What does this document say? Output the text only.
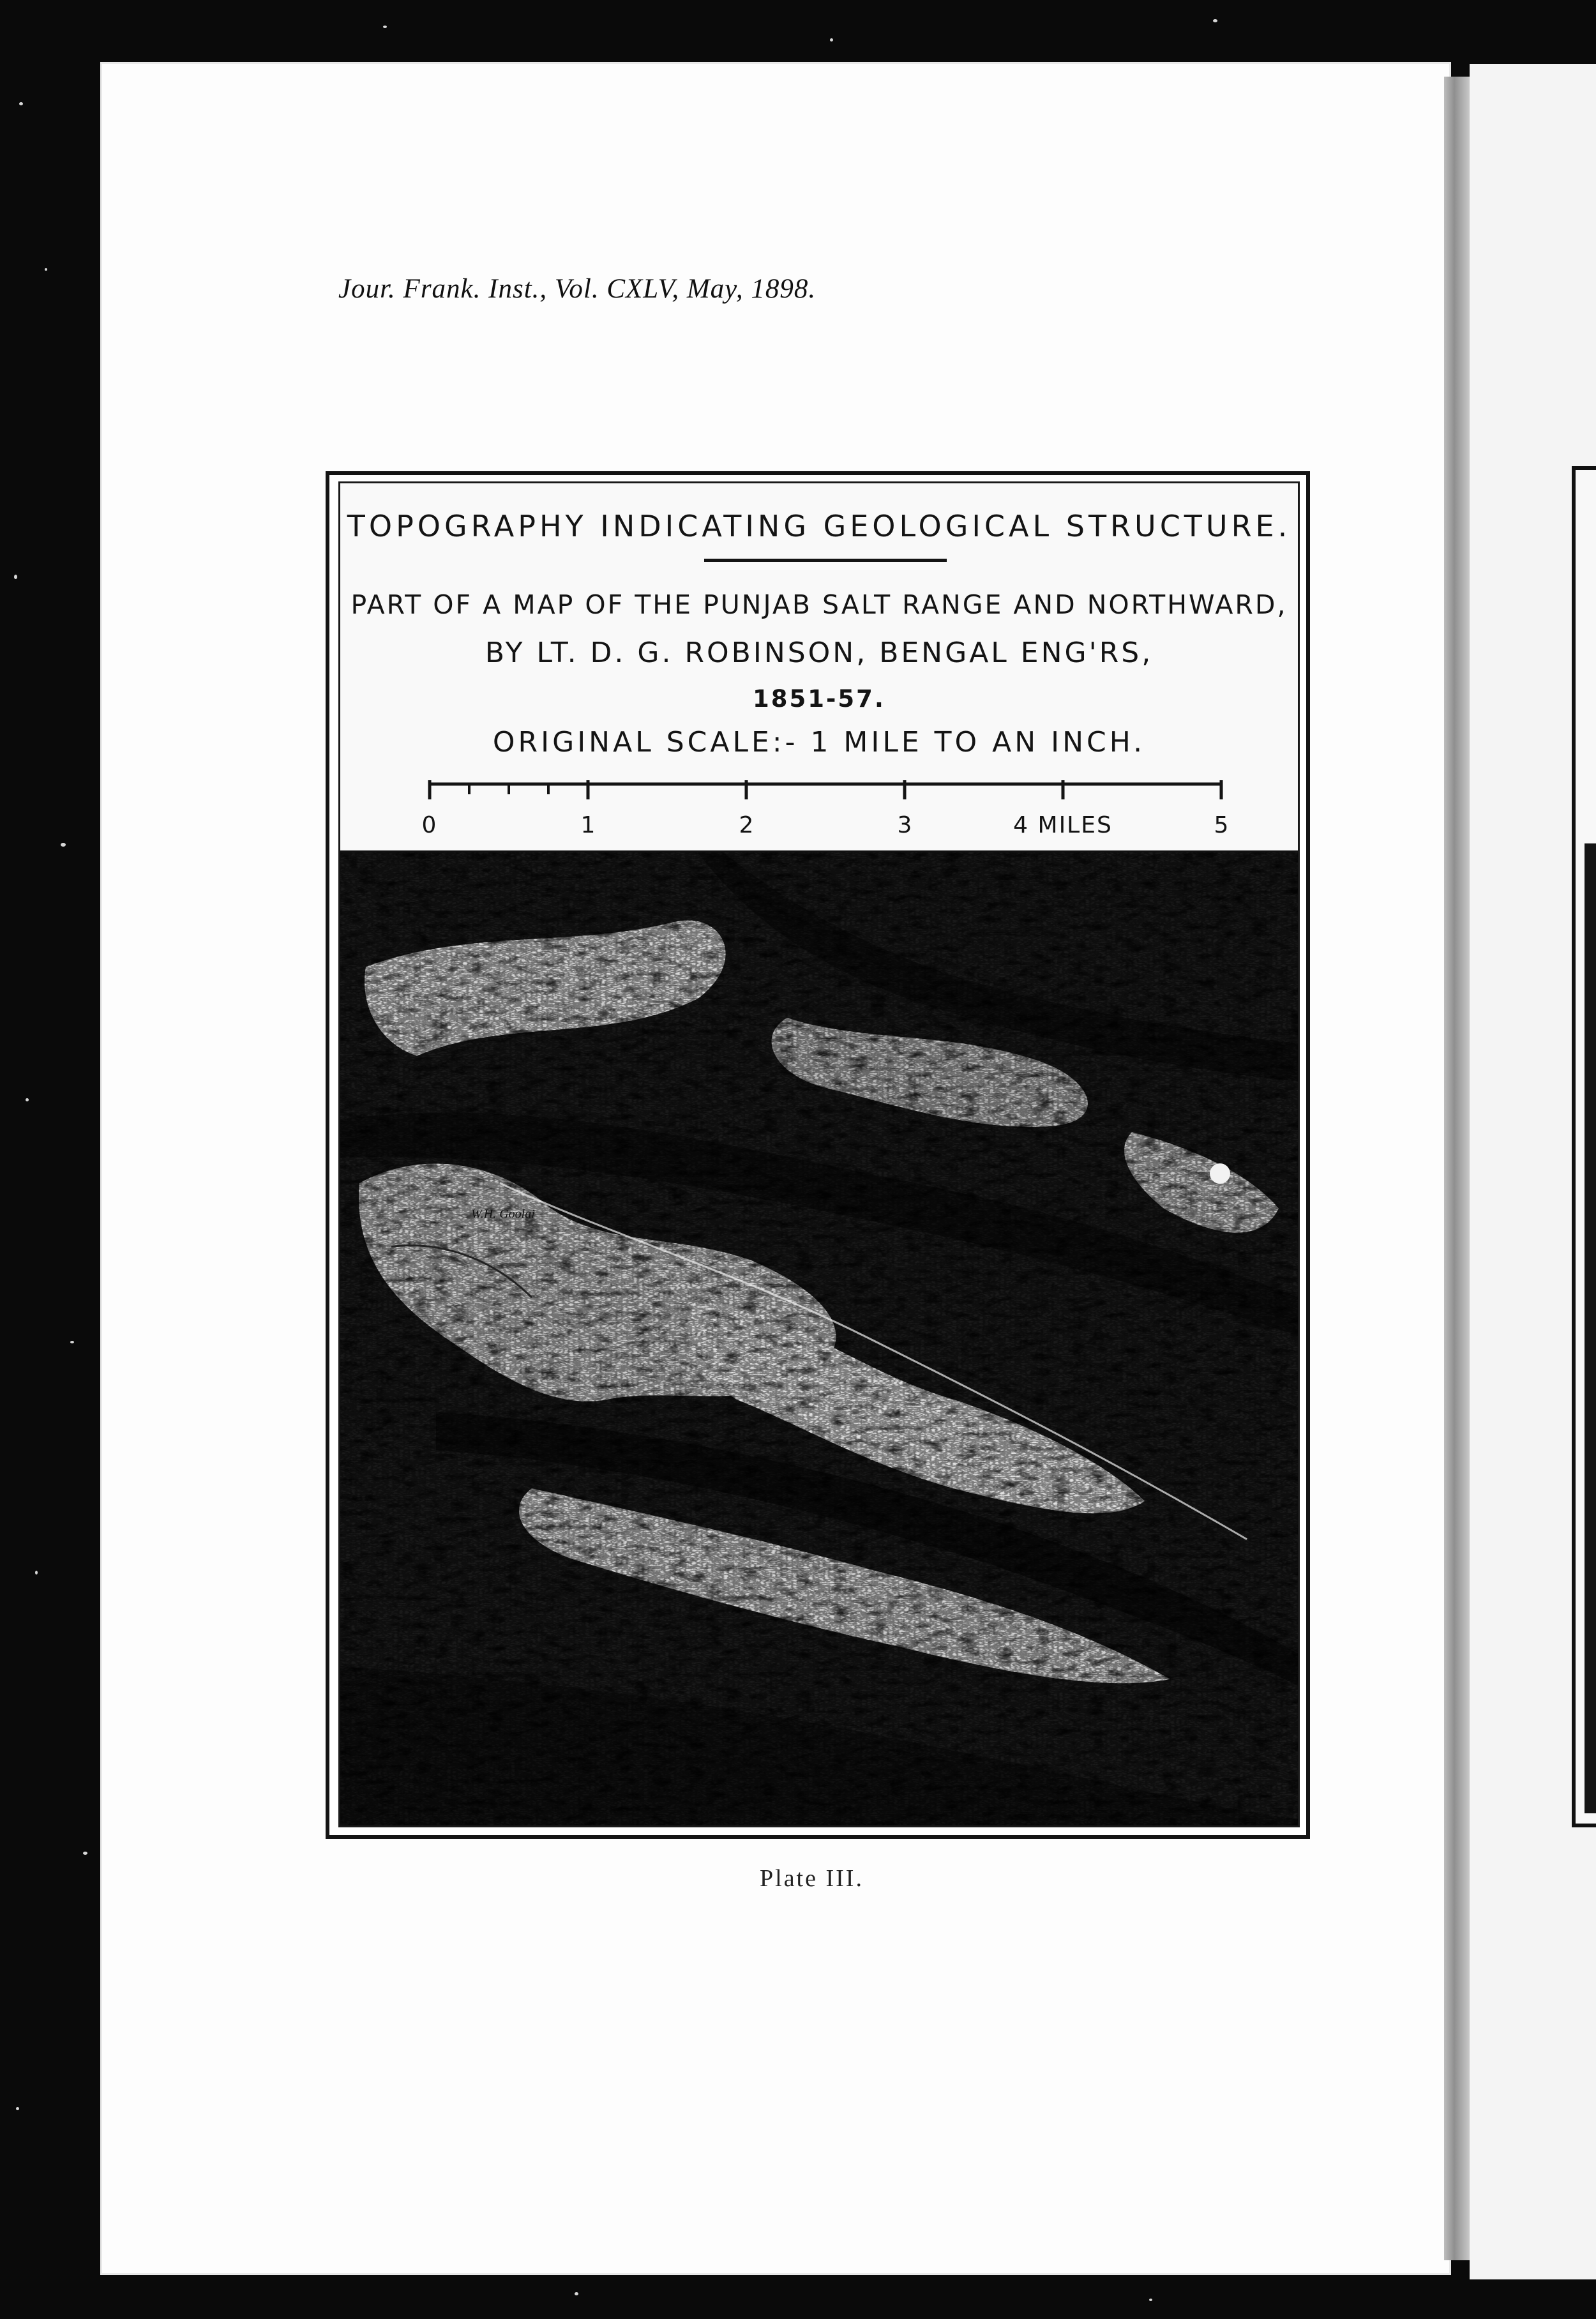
Jour. Frank. Inst., Vol. CXLV, May, 1898.
TOPOGRAPHY INDICATING GEOLOGICAL STRUCTURE.
PART OF A MAP OF THE PUNJAB SALT RANGE AND NORTHWARD,
BY LT. D. G. ROBINSON, BENGAL ENG'RS,
1851-57.
ORIGINAL SCALE:- 1 MILE TO AN INCH.
0	1	2	3	4 MILES	5
W.H. Goolai
Plate III.
